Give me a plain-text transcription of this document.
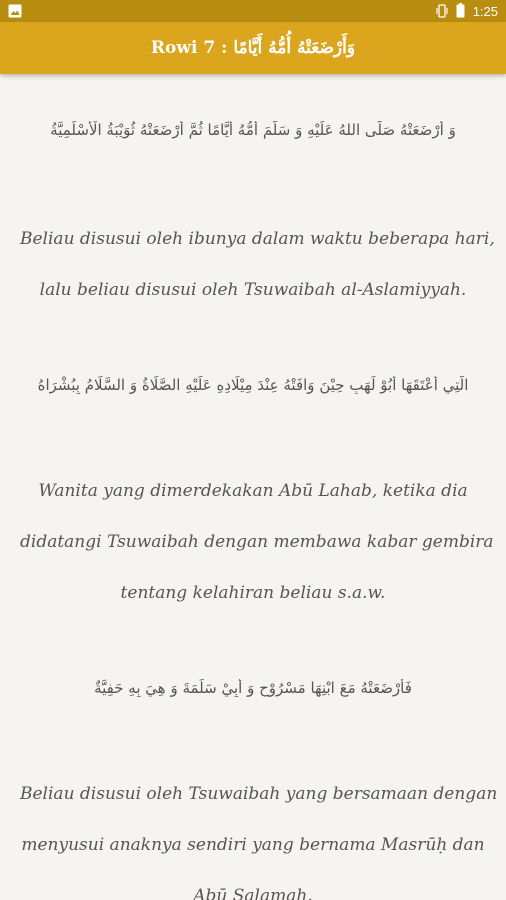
1:25
Rowi 7 : وَأَرْضَعَتْهُ أُمُّهُ أَيَّامًا
وَ أَرْضَعَتْهُ صَلَّى اللهُ عَلَيْهِ وَ سَلَّمَ أُمُّهُ أَيَّامًا ثُمَّ أَرْضَعَتْهُ ثُوَيْبَةُ الْأَسْلَمِيَّةُ
Beliau disusui oleh ibunya dalam waktu beberapa hari,
lalu beliau disusui oleh Tsuwaibah al-Aslamiyyah.
الَّتِي أَعْتَقَهَا أَبُوْ لَهَبٍ حِيْنَ وَافَتْهُ عِنْدَ مِيْلَادِهِ عَلَيْهِ الصَّلَاةُ وَ السَّلَامُ بِبُشْرَاهُ
Wanita yang dimerdekakan Abū Lahab, ketika dia
didatangi Tsuwaibah dengan membawa kabar gembira
tentang kelahiran beliau s.a.w.
فَأَرْضَعَتْهُ مَعَ ابْنِهَا مَسْرُوْحٍ وَ أَبِيْ سَلَمَةَ وَ هِيَ بِهِ حَفِيَّةٌ
Beliau disusui oleh Tsuwaibah yang bersamaan dengan
menyusui anaknya sendiri yang bernama Masrūḥ dan
Abū Salamah.
